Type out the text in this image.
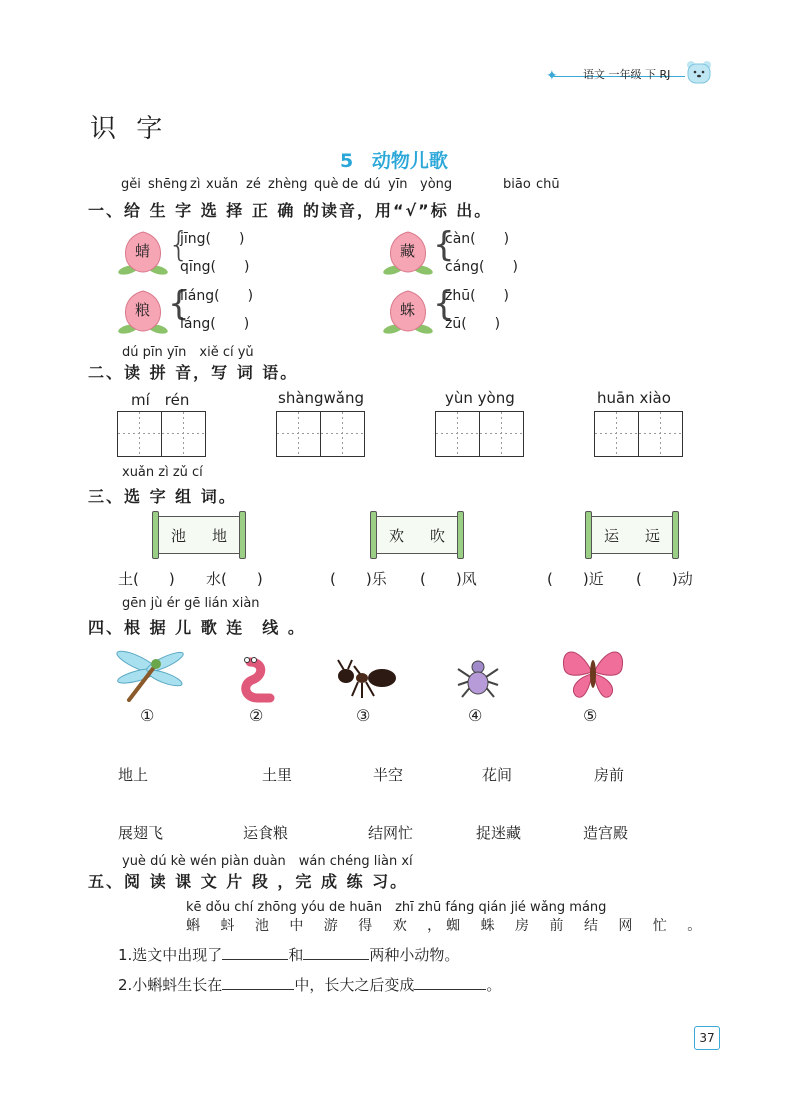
✦ 语文 一年级 下 RJ
识 字
5 动物儿歌
gěi shēng zì xuǎn zé zhèng què de dú yīn yòng	biāo chū
一、给 生 字 选 择 正 确 的读音，用“√”标 出。
蜻 {
jīng(　　)
qīng(　　)
藏 {
càn(　　)
cáng(　　)
粮 {
liáng(　　)
láng(　　)
蛛 {
zhū(　　)
zū(　　)
dú pīn yīn　xiě cí yǔ
二、读 拼 音，写 词 语。
mí　rén	shàngwǎng	yùn yòng	huān xiào
xuǎn zì zǔ cí
三、选 字 组 词。
池 地	欢 吹	运 远
土(　　) 水(　　)	(　　)乐 (　　)风	(　　)近 (　　)动
gēn jù ér gē lián xiàn
四、根 据 儿 歌 连　线 。
①	②	③	④	⑤
地上	土里	半空	花间	房前
展翅飞	运食粮	结网忙	捉迷藏	造宫殿
yuè dú kè wén piàn duàn　wán chéng liàn xí
五、阅 读 课 文 片 段 ，完 成 练 习。
kē dǒu chí zhōng yóu de huān　zhī zhū fáng qián jié wǎng máng
蝌 蚪 池 中 游 得 欢 ，蜘 蛛 房 前 结 网 忙 。
1.选文中出现了	和	两种小动物。
2.小蝌蚪生长在	中，长大之后变成	。
37
